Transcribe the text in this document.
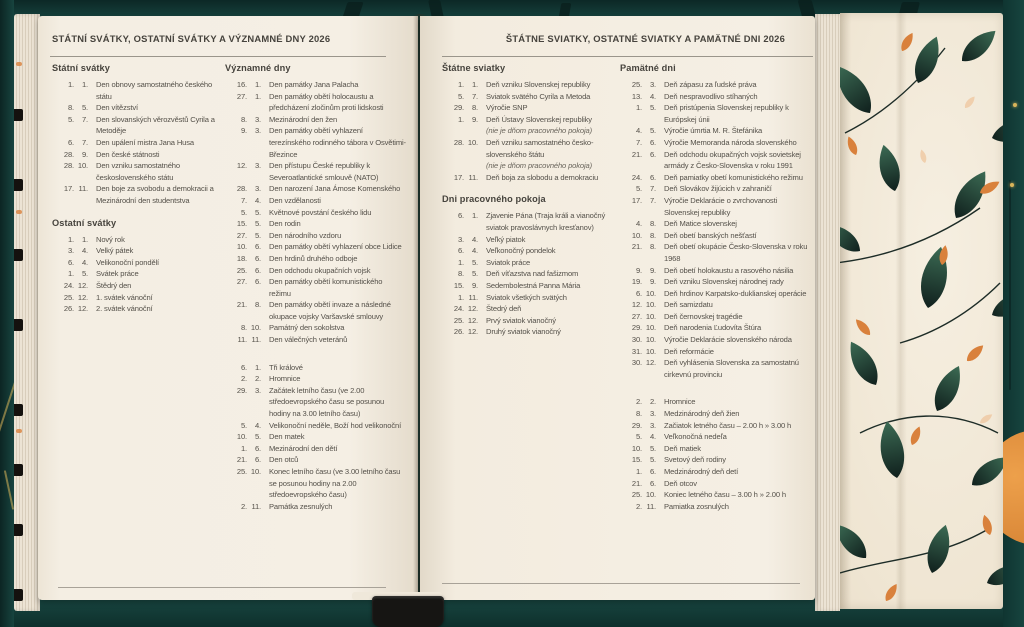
STÁTNÍ SVÁTKY, OSTATNÍ SVÁTKY A VÝZNAMNÉ DNY 2026
Státní svátky
1.	1.	Den obnovy samostatného českého státu
8.	5.	Den vítězství
5.	7.	Den slovanských věrozvěstů Cyrila a Metoděje
6.	7.	Den upálení mistra Jana Husa
28.	9.	Den české státnosti
28. 10.	Den vzniku samostatného československého státu
17. 11.	Den boje za svobodu a demokracii a Mezinárodní den studentstva
Ostatní svátky
1.	1.	Nový rok
3.	4.	Velký pátek
6.	4.	Velikonoční pondělí
1.	5.	Svátek práce
24. 12.	Štědrý den
25. 12.	1. svátek vánoční
26. 12.	2. svátek vánoční
Významné dny
16.	1.	Den památky Jana Palacha
27.	1.	Den památky obětí holocaustu a předcházení zločinům proti lidskosti
8.	3.	Mezinárodní den žen
9.	3.	Den památky obětí vyhlazení terezínského rodinného tábora v Osvětimi-Březince
12.	3.	Den přístupu České republiky k Severoatlantické smlouvě (NATO)
28.	3.	Den narození Jana Ámose Komenského
7.	4.	Den vzdělanosti
5.	5.	Květnové povstání českého lidu
15.	5.	Den rodin
27.	5.	Den národního vzdoru
10.	6.	Den památky obětí vyhlazení obce Lidice
18.	6.	Den hrdinů druhého odboje
25.	6.	Den odchodu okupačních vojsk
27.	6.	Den památky obětí komunistického režimu
21.	8.	Den památky obětí invaze a následné okupace vojsky Varšavské smlouvy
8. 10.	Památný den sokolstva
11. 11.	Den válečných veteránů
6.	1.	Tři králové
2.	2.	Hromnice
29.	3.	Začátek letního času (ve 2.00 středoevropského času se posunou hodiny na 3.00 letního času)
5.	4.	Velikonoční neděle, Boží hod velikonoční
10.	5.	Den matek
1.	6.	Mezinárodní den dětí
21.	6.	Den otců
25. 10.	Konec letního času (ve 3.00 letního času se posunou hodiny na 2.00 středoevropského času)
2. 11.	Památka zesnulých
ŠTÁTNE SVIATKY, OSTATNÉ SVIATKY A PAMÄTNÉ DNI 2026
Štátne sviatky
1.	1.	Deň vzniku Slovenskej republiky
5.	7.	Sviatok svätého Cyrila a Metoda
29.	8.	Výročie SNP
1.	9.	Deň Ústavy Slovenskej republiky
(nie je dňom pracovného pokoja)
28. 10.	Deň vzniku samostatného česko-slovenského štátu
(nie je dňom pracovného pokoja)
17. 11.	Deň boja za slobodu a demokraciu
Dni pracovného pokoja
6.	1.	Zjavenie Pána (Traja králi a vianočný sviatok pravoslávnych kresťanov)
3.	4.	Veľký piatok
6.	4.	Veľkonočný pondelok
1.	5.	Sviatok práce
8.	5.	Deň víťazstva nad fašizmom
15.	9.	Sedembolestná Panna Mária
1. 11.	Sviatok všetkých svätých
24. 12.	Štedrý deň
25. 12.	Prvý sviatok vianočný
26. 12.	Druhý sviatok vianočný
Pamätné dni
25.	3.	Deň zápasu za ľudské práva
13.	4.	Deň nespravodlivo stíhaných
1.	5.	Deň pristúpenia Slovenskej republiky k Európskej únii
4.	5.	Výročie úmrtia M. R. Štefánika
7.	6.	Výročie Memoranda národa slovenského
21.	6.	Deň odchodu okupačných vojsk sovietskej armády z Česko-Slovenska v roku 1991
24.	6.	Deň pamiatky obetí komunistického režimu
5.	7.	Deň Slovákov žijúcich v zahraničí
17.	7.	Výročie Deklarácie o zvrchovanosti Slovenskej republiky
4.	8.	Deň Matice slovenskej
10.	8.	Deň obetí banských nešťastí
21.	8.	Deň obetí okupácie Česko-Slovenska v roku 1968
9.	9.	Deň obetí holokaustu a rasového násilia
19.	9.	Deň vzniku Slovenskej národnej rady
6. 10.	Deň hrdinov Karpatsko-duklianskej operácie
12. 10.	Deň samizdatu
27. 10.	Deň černovskej tragédie
29. 10.	Deň narodenia Ľudovíta Štúra
30. 10.	Výročie Deklarácie slovenského národa
31. 10.	Deň reformácie
30. 12.	Deň vyhlásenia Slovenska za samostatnú cirkevnú provinciu
2.	2.	Hromnice
8.	3.	Medzinárodný deň žien
29.	3.	Začiatok letného času – 2.00 h » 3.00 h
5.	4.	Veľkonočná nedeľa
10.	5.	Deň matiek
15.	5.	Svetový deň rodiny
1.	6.	Medzinárodný deň detí
21.	6.	Deň otcov
25. 10.	Koniec letného času – 3.00 h » 2.00 h
2. 11.	Pamiatka zosnulých
